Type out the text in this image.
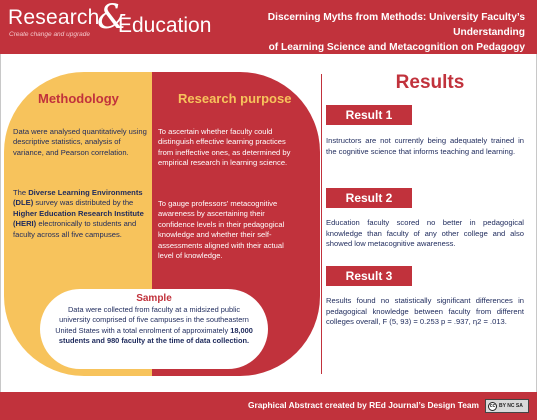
Research
&
Education
Create change and upgrade
Discerning Myths from Methods: University Faculty’s Understanding
of Learning Science and Metacognition on Pedagogy
Methodology	Research purpose
Data were analysed quantitatively using descriptive statistics, analysis of variance, and Pearson correlation.
The Diverse Learning Environments (DLE) survey was distributed by the Higher Education Research Institute (HERI) electronically to students and faculty across all five campuses.
To ascertain whether faculty could distinguish effective learning practices from ineffective ones, as determined by empirical research in learning science.
To gauge professors’ metacognitive awareness by ascertaining their confidence levels in their pedagogical knowledge and whether their self- assessments aligned with their actual level of knowledge.
Sample
Data were collected from faculty at a midsized public university comprised of five campuses in the southeastern United States with a total enrolment of approximately 18,000 students and 980 faculty at the time of data collection.
Results
Result 1
Instructors are not currently being adequately trained in the cognitive science that informs teaching and learning.
Result 2
Education faculty scored no better in pedagogical knowledge than faculty of any other college and also showed low metacognitive awareness.
Result 3
Results found no statistically significant differences in pedagogical knowledge between faculty from different colleges overall, F (5, 93) = 0.253 p = .937, η2 = .013.
Graphical Abstract created by REd Journal’s Design Team	cc BY NC SA
